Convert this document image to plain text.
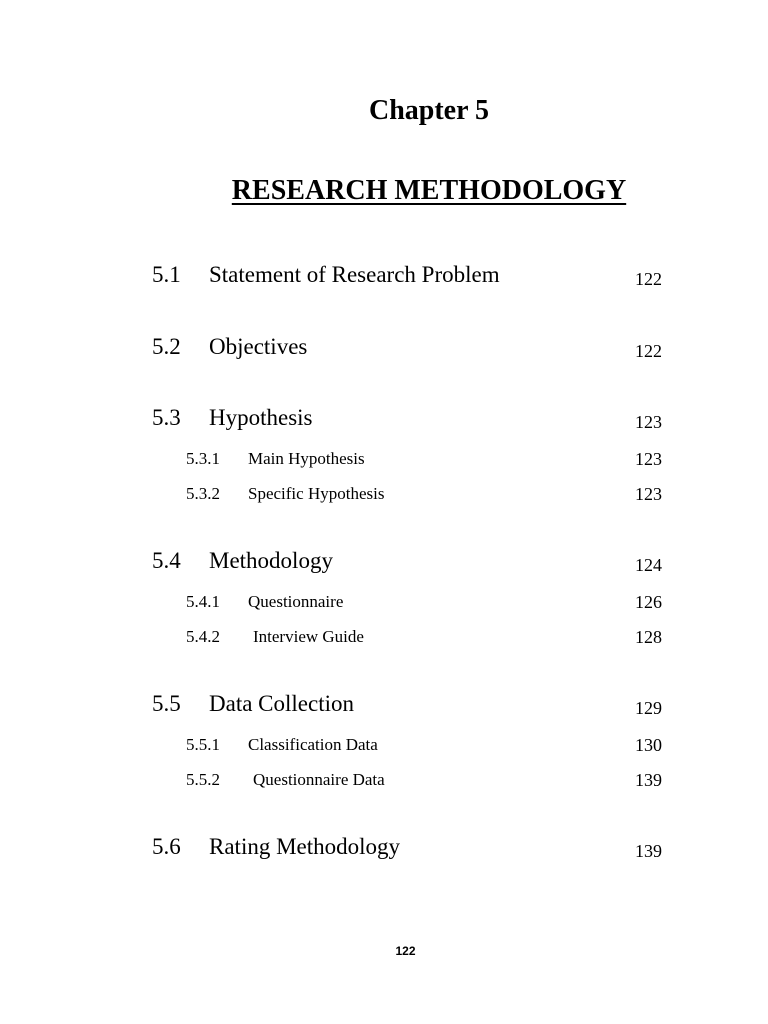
Chapter 5
RESEARCH METHODOLOGY
5.1 Statement of Research Problem	122
5.2 Objectives	122
5.3 Hypothesis	123
5.3.1 Main Hypothesis	123
5.3.2 Specific Hypothesis	123
5.4 Methodology	124
5.4.1 Questionnaire	126
5.4.2 Interview Guide	128
5.5 Data Collection	129
5.5.1 Classification Data	130
5.5.2 Questionnaire Data	139
5.6 Rating Methodology	139
122
